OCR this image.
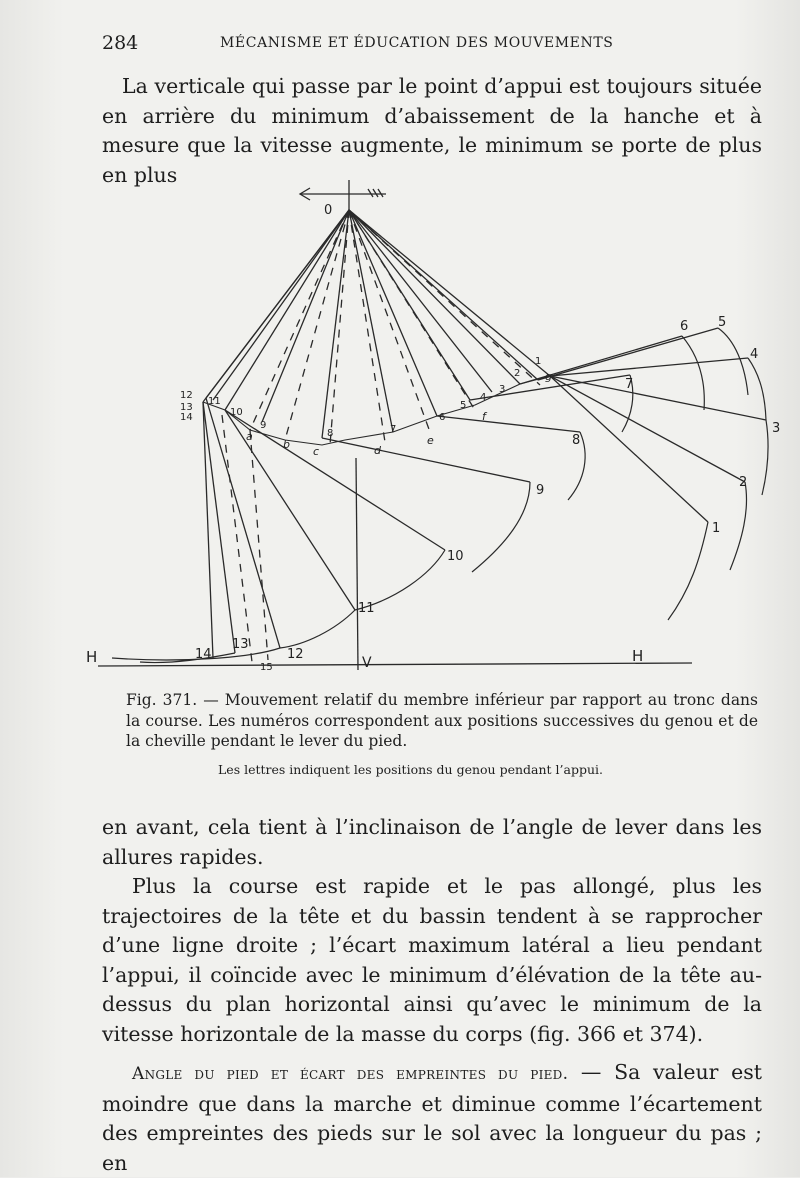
284	MÉCANISME ET ÉDUCATION DES MOUVEMENTS
La verticale qui passe par le point d’appui est toujours située en arrière du minimum d’abaissement de la hanche et à mesure que la vitesse augmente, le minimum se porte de plus en plus
0
H	H
V
1
2
3
4
5
6
7
8
9
10
11
12
13
14
1
2
3
4
5
6
7
8
9
10
11
12
13
14
15
a
b
c	d
e
f
g
Fig. 371. — Mouvement relatif du membre inférieur par rapport au tronc dans la course. Les numéros correspondent aux positions successives du genou et de la cheville pendant le lever du pied.
Les lettres indiquent les positions du genou pendant l’appui.
en avant, cela tient à l’inclinaison de l’angle de lever dans les allures rapides.
Plus la course est rapide et le pas allongé, plus les trajectoires de la tête et du bassin tendent à se rapprocher d’une ligne droite ; l’écart maximum latéral a lieu pendant l’appui, il coïncide avec le minimum d’élévation de la tête au-dessus du plan horizontal ainsi qu’avec le minimum de la vitesse horizontale de la masse du corps (fig. 366 et 374).
Angle du pied et écart des empreintes du pied. — Sa valeur est moindre que dans la marche et diminue comme l’écartement des empreintes des pieds sur le sol avec la longueur du pas ; en
